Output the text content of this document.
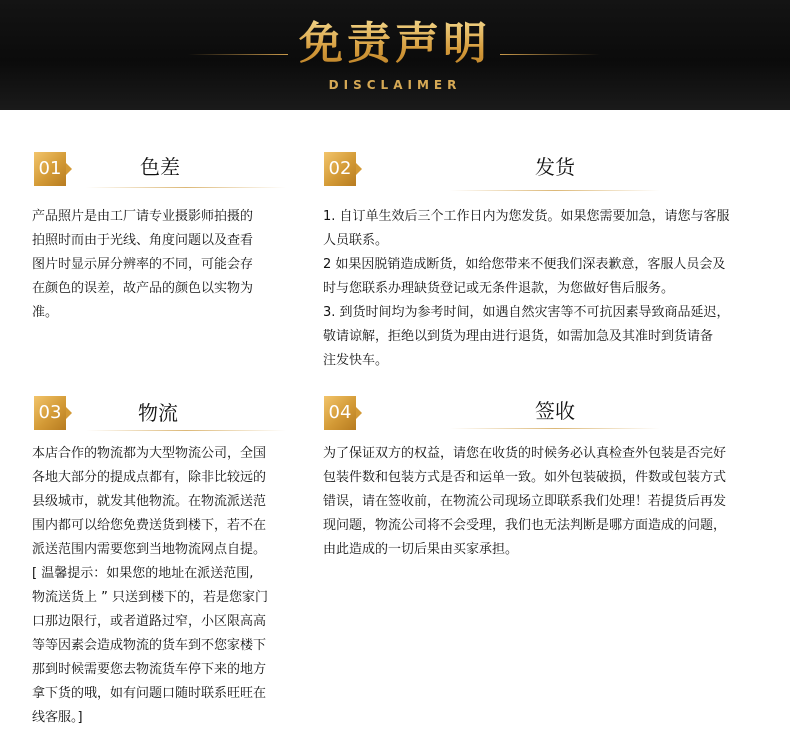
免责声明
DISCLAIMER
01	色差

产品照片是由工厂请专业摄影师拍摄的

拍照时而由于光线、角度问题以及查看

图片时显示屏分辨率的不同，可能会存

在颜色的误差，故产品的颜色以实物为

准。

02	发货

1. 自订单生效后三个工作日内为您发货。如果您需要加急，请您与客服

人员联系。

2 如果因脱销造成断货，如给您带来不便我们深表歉意，客服人员会及

时与您联系办理缺货登记或无条件退款，为您做好售后服务。

3. 到货时间均为参考时间，如遇自然灾害等不可抗因素导致商品延迟，

敬请谅解，拒绝以到货为理由进行退货，如需加急及其准时到货请备

注发快车。

03	物流

本店合作的物流都为大型物流公司，全国

各地大部分的提成点都有，除非比较远的

县级城市，就发其他物流。在物流派送范

围内都可以给您免费送货到楼下，若不在

派送范围内需要您到当地物流网点自提。

[ 温馨提示：如果您的地址在派送范围,

物流送货上 ” 只送到楼下的，若是您家门

口那边限行，或者道路过窄，小区限高高

等等因素会造成物流的货车到不您家楼下

那到时候需要您去物流货车停下来的地方

拿下货的哦，如有问题口随时联系旺旺在

线客服。]

04	签收

为了保证双方的权益，请您在收货的时候务必认真检查外包装是否完好

包装件数和包装方式是否和运单一致。如外包装破损，件数或包装方式

错误，请在签收前，在物流公司现场立即联系我们处理！若提货后再发

现问题，物流公司将不会受理，我们也无法判断是哪方面造成的问题，

由此造成的一切后果由买家承担。
